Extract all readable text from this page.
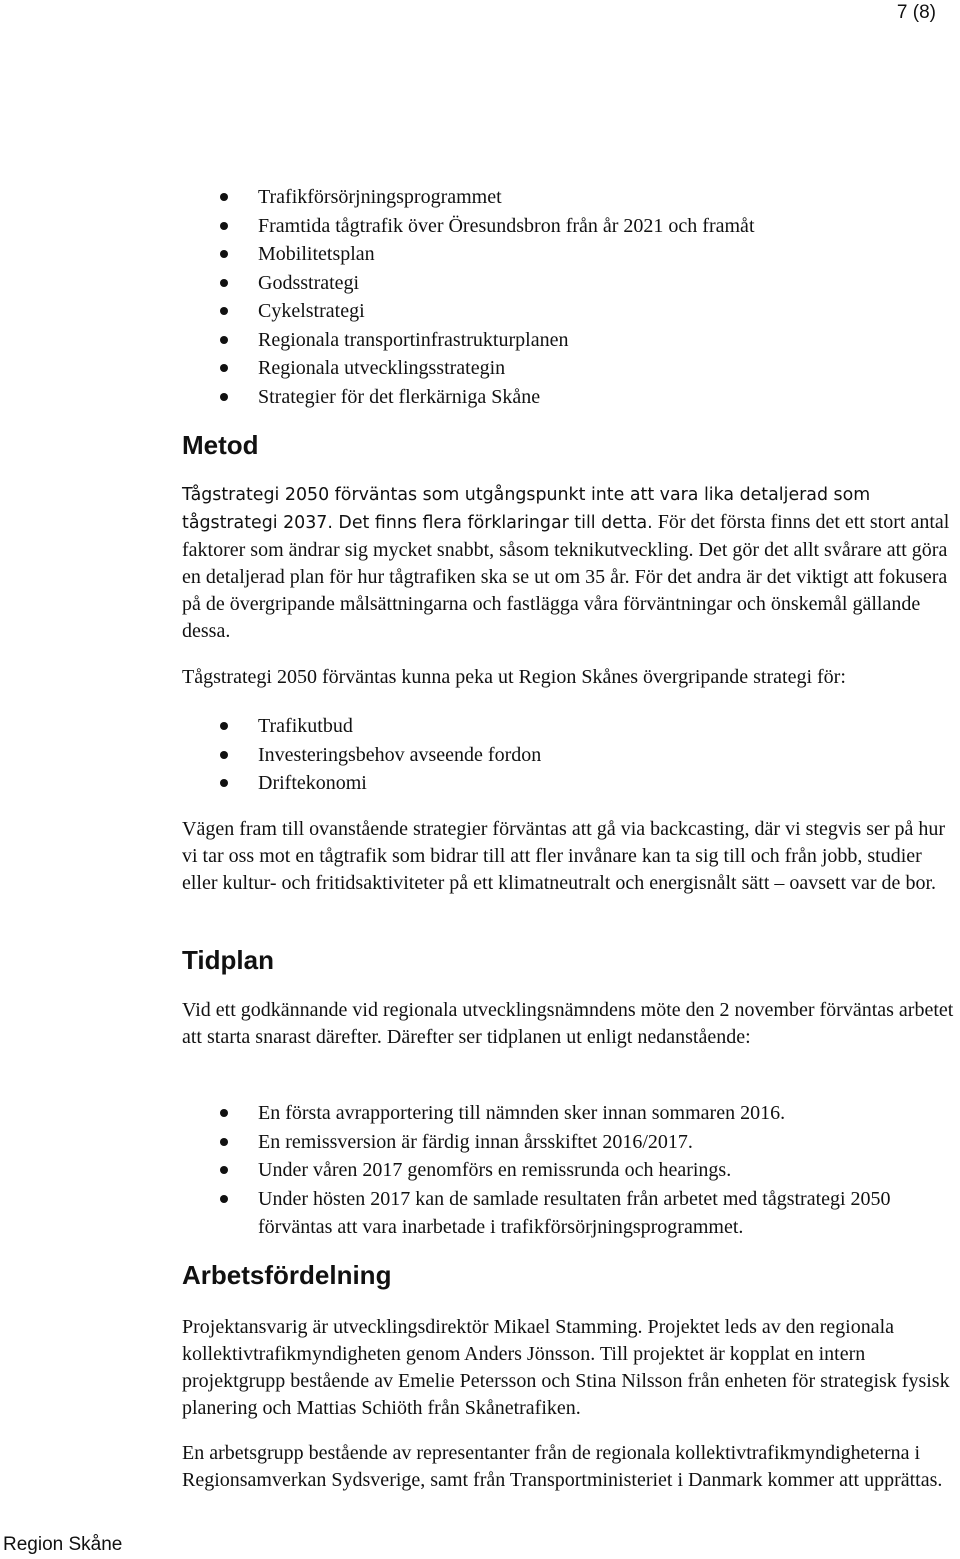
7 (8)
Trafikförsörjningsprogrammet
Framtida tågtrafik över Öresundsbron från år 2021 och framåt
Mobilitetsplan
Godsstrategi
Cykelstrategi
Regionala transportinfrastrukturplanen
Regionala utvecklingsstrategin
Strategier för det flerkärniga Skåne
Metod

Tågstrategi 2050 förväntas som utgångspunkt inte att vara lika detaljerad som tågstrategi 2037. Det finns flera förklaringar till detta. För det första finns det ett stort antal faktorer som ändrar sig mycket snabbt, såsom teknikutveckling. Det gör det allt svårare att göra en detaljerad plan för hur tågtrafiken ska se ut om 35 år. För det andra är det viktigt att fokusera på de övergripande målsättningarna och fastlägga våra förväntningar och önskemål gällande dessa.

Tågstrategi 2050 förväntas kunna peka ut Region Skånes övergripande strategi för:

Trafikutbud
Investeringsbehov avseende fordon
Driftekonomi

Vägen fram till ovanstående strategier förväntas att gå via backcasting, där vi stegvis ser på hur vi tar oss mot en tågtrafik som bidrar till att fler invånare kan ta sig till och från jobb, studier eller kultur- och fritidsaktiviteter på ett klimatneutralt och energisnålt sätt – oavsett var de bor.

Tidplan

Vid ett godkännande vid regionala utvecklingsnämndens möte den 2 november förväntas arbetet att starta snarast därefter. Därefter ser tidplanen ut enligt nedanstående:

En första avrapportering till nämnden sker innan sommaren 2016.
En remissversion är färdig innan årsskiftet 2016/2017.
Under våren 2017 genomförs en remissrunda och hearings.
Under hösten 2017 kan de samlade resultaten från arbetet med tågstrategi 2050 förväntas att vara inarbetade i trafikförsörjningsprogrammet.
Arbetsfördelning

Projektansvarig är utvecklingsdirektör Mikael Stamming. Projektet leds av den regionala kollektivtrafikmyndigheten genom Anders Jönsson. Till projektet är kopplat en intern projektgrupp bestående av Emelie Petersson och Stina Nilsson från enheten för strategisk fysisk planering och Mattias Schiöth från Skånetrafiken.

En arbetsgrupp bestående av representanter från de regionala kollektivtrafikmyndigheterna i Regionsamverkan Sydsverige, samt från Transportministeriet i Danmark kommer att upprättas.

Region Skåne
